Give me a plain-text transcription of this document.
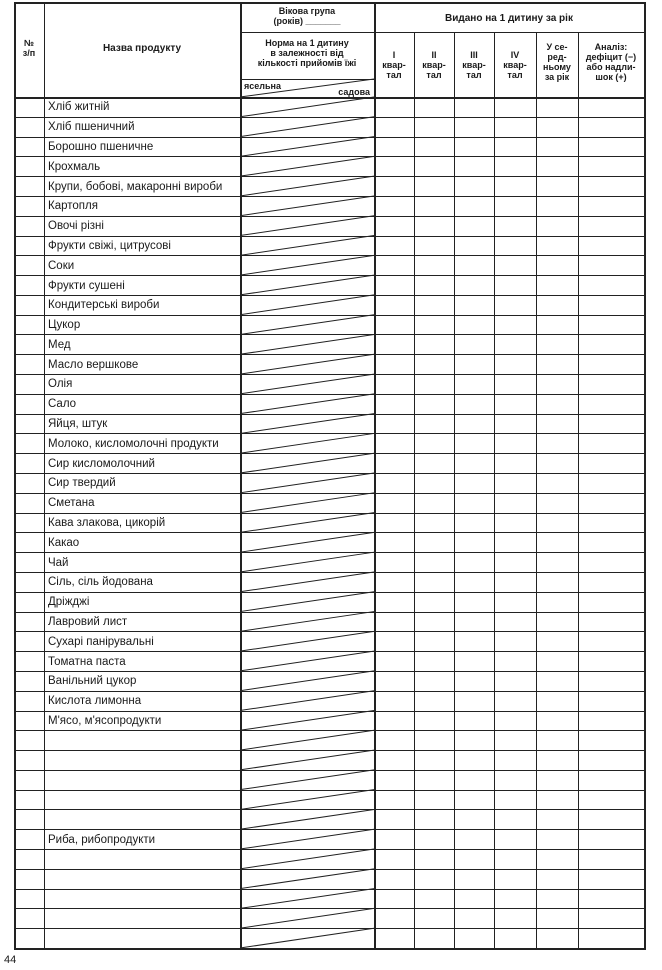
№
з/п	Назва продукту
Вікова група
(років) _______
Норма на 1 дитину
в залежності від
кількості прийомів їжі
ясельна
садова
Видано на 1 дитину за рік
I
квар-
тал
II
квар-
тал
III
квар-
тал
IV
квар-
тал
У се-
ред-
ньому
за рік
Аналіз:
дефіцит (−)
або надли-
шок (+)
Хліб житній
Хліб пшеничний
Борошно пшеничне
Крохмаль
Крупи, бобові, макаронні вироби
Картопля
Овочі різні
Фрукти свіжі, цитрусові
Соки
Фрукти сушені
Кондитерські вироби
Цукор
Мед
Масло вершкове
Олія
Сало
Яйця, штук
Молоко, кисломолочні продукти
Сир кисломолочний
Сир твердий
Сметана
Кава злакова, цикорій
Какао
Чай
Сіль, сіль йодована
Дріжджі
Лавровий лист
Сухарі панірувальні
Томатна паста
Ванільний цукор
Кислота лимонна
М'ясо, м'ясопродукти
Риба, рибопродукти
44
